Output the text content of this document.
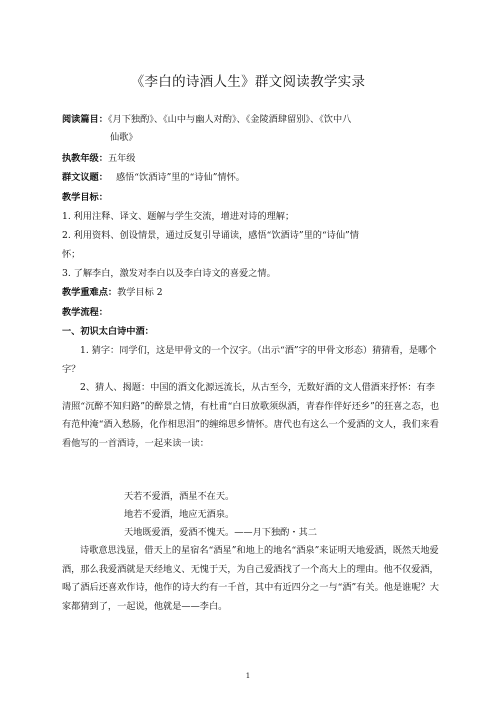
《李白的诗酒人生》群文阅读教学实录
阅读篇目：《月下独酌》、《山中与幽人对酌》、《金陵酒肆留别》、《饮中八
仙歌》
执教年级：五年级
群文议题： 感悟“饮酒诗”里的“诗仙”情怀。
教学目标：
1. 利用注释、译文、题解与学生交流，增进对诗的理解；
2. 利用资料、创设情景，通过反复引导诵读，感悟“饮酒诗”里的“诗仙”情
怀；
3. 了解李白，激发对李白以及李白诗文的喜爱之情。
教学重难点：教学目标 2
教学流程：
一、初识太白诗中酒：
1. 猜字：同学们，这是甲骨文的一个汉字。（出示“酒”字的甲骨文形态）猜猜看，是哪个字？
2、猜人、揭题：中国的酒文化源远流长，从古至今，无数好酒的文人借酒来抒怀：有李清照“沉醉不知归路”的醉景之情，有杜甫“白日放歌须纵酒，青春作伴好还乡”的狂喜之态，也有范仲淹“酒入愁肠，化作相思泪”的缠绵思乡情怀。唐代也有这么一个爱酒的文人，我们来看看他写的一首酒诗，一起来读一读：
天若不爱酒，酒星不在天。
地若不爱酒，地应无酒泉。
天地既爱酒，爱酒不愧天。——月下独酌・其二
诗歌意思浅显，借天上的星宿名“酒星”和地上的地名“酒泉”来证明天地爱酒，既然天地爱酒，那么我爱酒就是天经地义、无愧于天，为自己爱酒找了一个高大上的理由。他不仅爱酒，喝了酒后还喜欢作诗，他作的诗大约有一千首，其中有近四分之一与“酒”有关。他是谁呢？大家都猜到了，一起说，他就是——李白。
1
